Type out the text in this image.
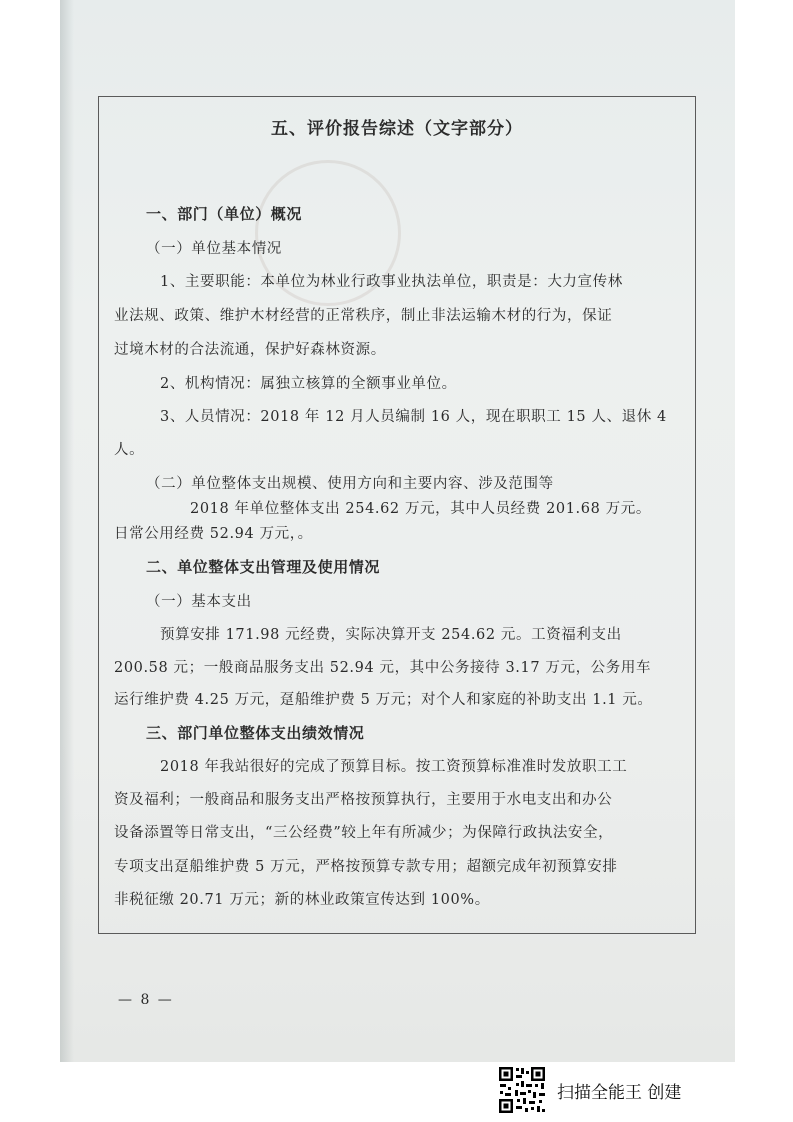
五、评价报告综述（文字部分）
一、部门（单位）概况
（一）单位基本情况
1、主要职能：本单位为林业行政事业执法单位，职责是：大力宣传林
业法规、政策、维护木材经营的正常秩序，制止非法运输木材的行为，保证
过境木材的合法流通，保护好森林资源。
2、机构情况：属独立核算的全额事业单位。
3、人员情况：2018 年 12 月人员编制 16 人，现在职职工 15 人、退休 4
人。
（二）单位整体支出规模、使用方向和主要内容、涉及范围等
2018 年单位整体支出 254.62 万元，其中人员经费 201.68 万元。
日常公用经费 52.94 万元，。
二、单位整体支出管理及使用情况
（一）基本支出
预算安排 171.98 元经费，实际决算开支 254.62 元。工资福利支出
200.58 元；一般商品服务支出 52.94 元，其中公务接待 3.17 万元，公务用车
运行维护费 4.25 万元，趸船维护费 5 万元；对个人和家庭的补助支出 1.1 元。
三、部门单位整体支出绩效情况
2018 年我站很好的完成了预算目标。按工资预算标准准时发放职工工
资及福利；一般商品和服务支出严格按预算执行，主要用于水电支出和办公
设备添置等日常支出，“三公经费”较上年有所减少；为保障行政执法安全，
专项支出趸船维护费 5 万元，严格按预算专款专用；超额完成年初预算安排
非税征缴 20.71 万元；新的林业政策宣传达到 100%。
— 8 —
扫描全能王 创建
